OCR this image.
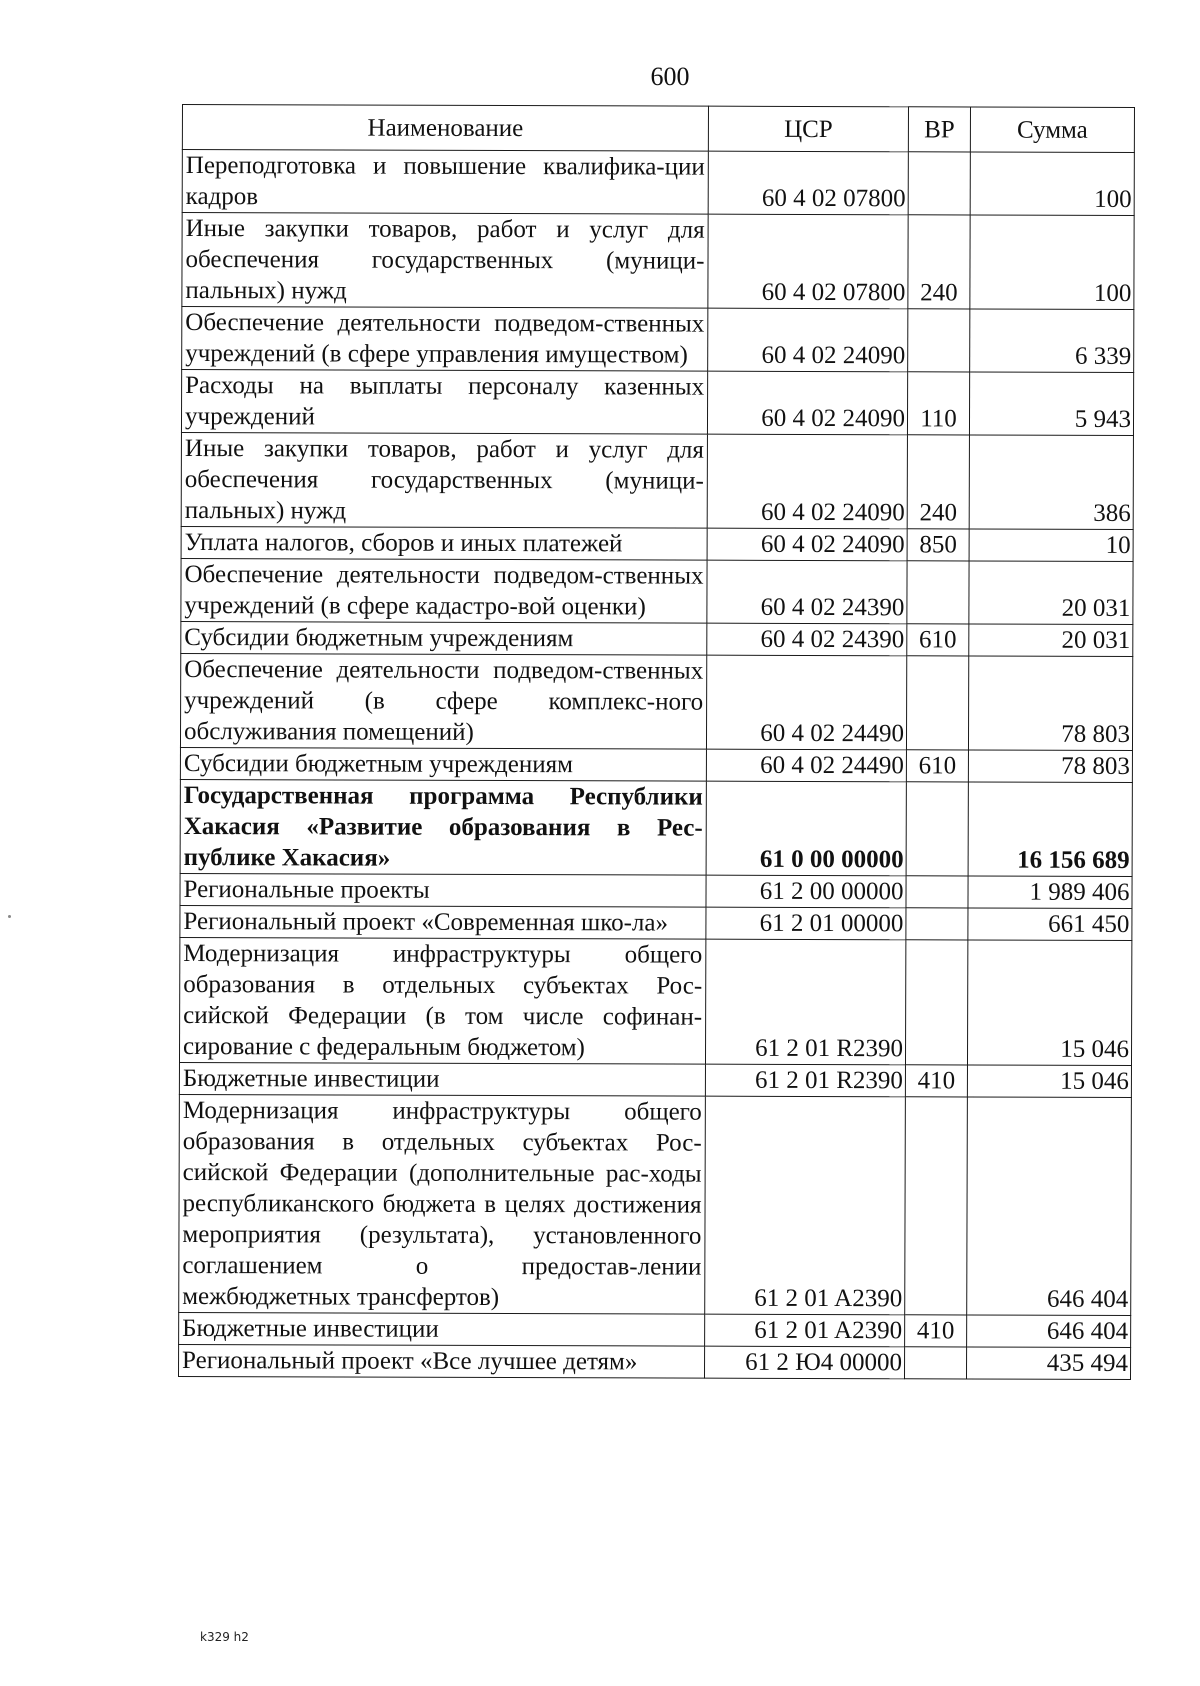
600
Наименование	ЦСР	ВР	Сумма
Переподготовка и повышение квалифика-ции кадров	60 4 02 07800		100
Иные закупки товаров, работ и услуг для обеспечения государственных (муници-пальных) нужд	60 4 02 07800	240	100
Обеспечение деятельности подведом-ственных учреждений (в сфере управления имуществом)	60 4 02 24090		6 339
Расходы на выплаты персоналу казенных учреждений	60 4 02 24090	110	5 943
Иные закупки товаров, работ и услуг для обеспечения государственных (муници-пальных) нужд	60 4 02 24090	240	386
Уплата налогов, сборов и иных платежей	60 4 02 24090	850	10
Обеспечение деятельности подведом-ственных учреждений (в сфере кадастро-вой оценки)	60 4 02 24390		20 031
Субсидии бюджетным учреждениям	60 4 02 24390	610	20 031
Обеспечение деятельности подведом-ственных учреждений (в сфере комплекс-ного обслуживания помещений)	60 4 02 24490		78 803
Субсидии бюджетным учреждениям	60 4 02 24490	610	78 803
Государственная программа Республики Хакасия «Развитие образования в Рес-публике Хакасия»	61 0 00 00000		16 156 689
Региональные проекты	61 2 00 00000		1 989 406
Региональный проект «Современная шко-ла»	61 2 01 00000		661 450
Модернизация инфраструктуры общего образования в отдельных субъектах Рос-сийской Федерации (в том числе софинан-сирование с федеральным бюджетом)	61 2 01 R2390		15 046
Бюджетные инвестиции	61 2 01 R2390	410	15 046
Модернизация инфраструктуры общего образования в отдельных субъектах Рос-сийской Федерации (дополнительные рас-ходы республиканского бюджета в целях достижения мероприятия (результата), установленного соглашением о предостав-лении межбюджетных трансфертов)	61 2 01 A2390		646 404
Бюджетные инвестиции	61 2 01 A2390	410	646 404
Региональный проект «Все лучшее детям»	61 2 Ю4 00000		435 494
k329 h2
